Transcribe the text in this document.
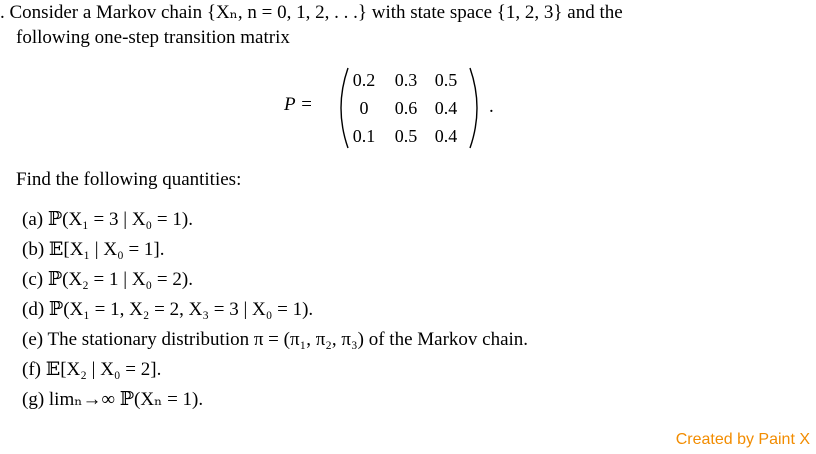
. Consider a Markov chain {Xₙ, n = 0, 1, 2, . . .} with state space {1, 2, 3} and the
following one-step transition matrix
P =
0.2 0.3 0.5
0 0.6 0.4
0.1 0.5 0.4
.
Find the following quantities:
(a) ℙ(X₁ = 3 | X₀ = 1).
(b) 𝔼[X₁ | X₀ = 1].
(c) ℙ(X₂ = 1 | X₀ = 2).
(d) ℙ(X₁ = 1, X₂ = 2, X₃ = 3 | X₀ = 1).
(e) The stationary distribution π = (π₁, π₂, π₃) of the Markov chain.
(f) 𝔼[X₂ | X₀ = 2].
(g) limₙ→∞ ℙ(Xₙ = 1).
Created by Paint X
